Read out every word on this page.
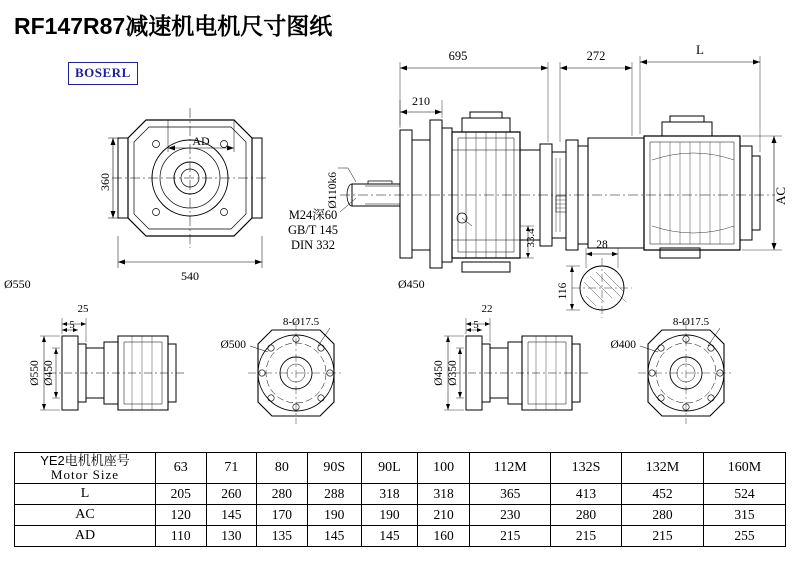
RF147R87减速机电机尺寸图纸
BOSERL
695	272	L
210
AC
Ø110k6
33.4	28
116
AD
360
540
Ø550	Ø450
25
5
22
5
Ø550 Ø450	Ø450 Ø350
Ø500	Ø400
8-Ø17.5	8-Ø17.5
M24深60
GB/T 145
DIN 332
YE2电机机座号
Motor Size	63	71	80	90S	90L	100	112M	132S	132M	160M
L	205	260	280	288	318	318	365	413	452	524
AC	120	145	170	190	190	210	230	280	280	315
AD	110	130	135	145	145	160	215	215	215	255
